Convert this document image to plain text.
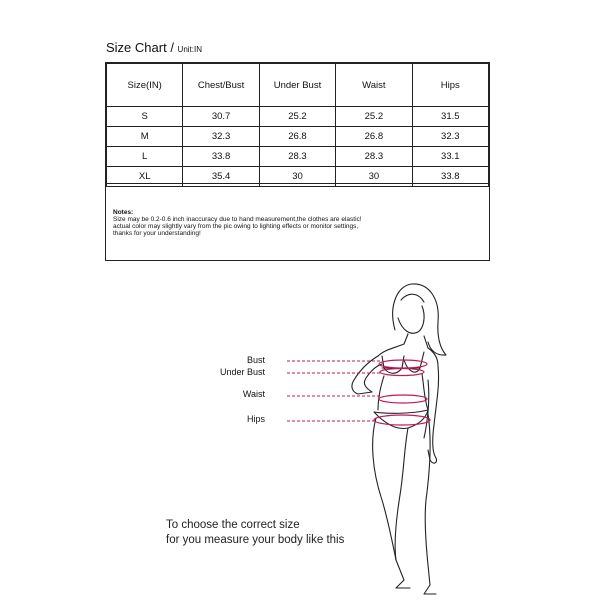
Size Chart / Unit:IN
Size(IN)	Chest/Bust	Under Bust	Waist	Hips
S	30.7	25.2	25.2	31.5
M	32.3	26.8	26.8	32.3
L	33.8	28.3	28.3	33.1
XL	35.4	30	30	33.8
Notes:
Size may be 0.2-0.6 inch inaccuracy due to hand measurement,the clothes are elastic!
actual color may slightly vary from the pic owing to lighting effects or monitor settings,
thanks for your understanding!
Bust
Under Bust
Waist
Hips
To choose the correct size
for you measure your body like this
